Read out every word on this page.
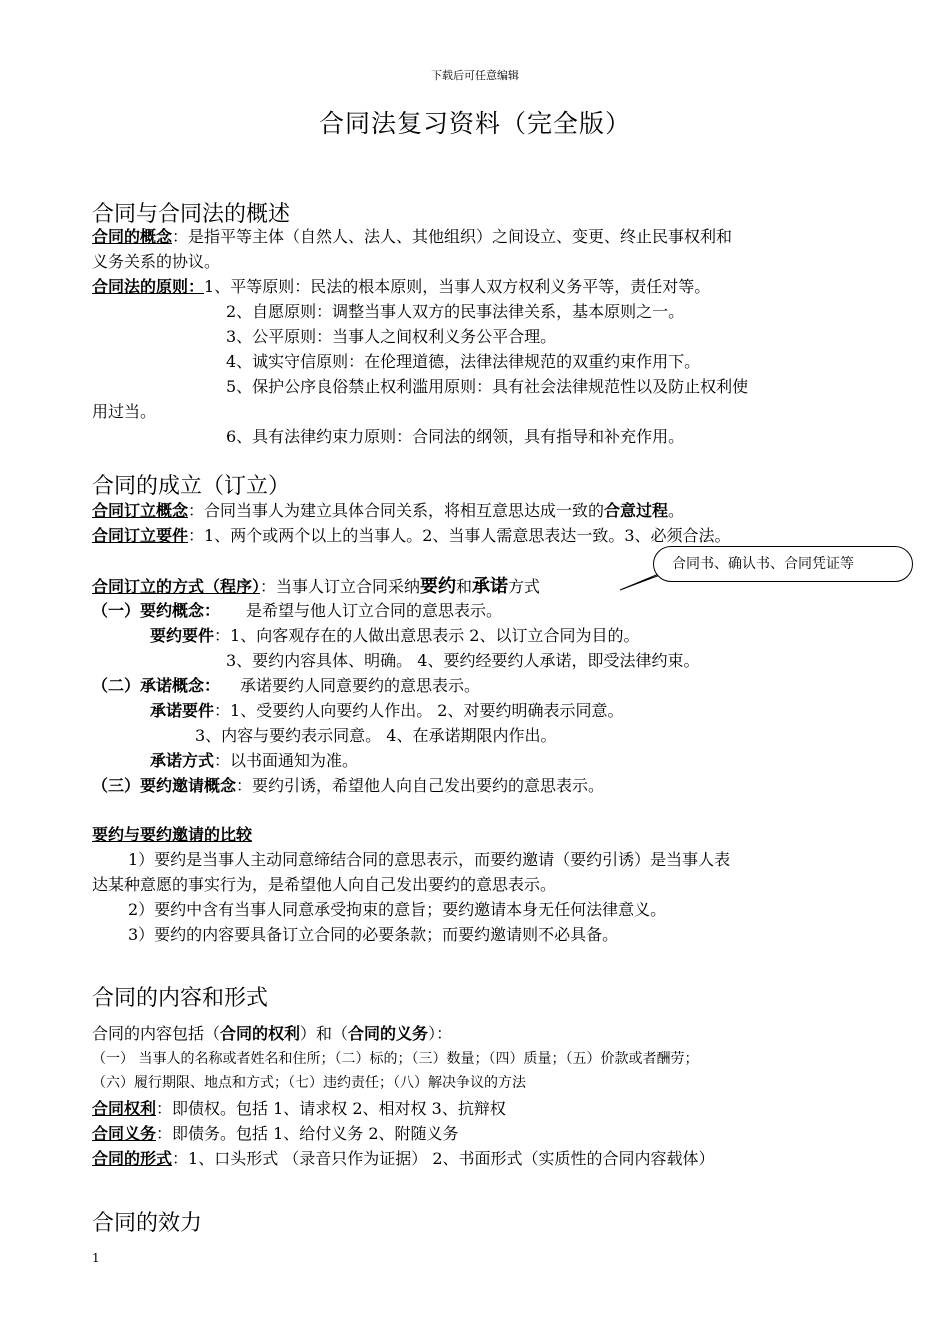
下载后可任意编辑
合同法复习资料（完全版）
合同与合同法的概述
合同的概念：是指平等主体（自然人、法人、其他组织）之间设立、变更、终止民事权利和
义务关系的协议。
合同法的原则：1、平等原则：民法的根本原则，当事人双方权利义务平等，责任对等。
2、自愿原则：调整当事人双方的民事法律关系，基本原则之一。
3、公平原则：当事人之间权利义务公平合理。
4、诚实守信原则：在伦理道德，法律法律规范的双重约束作用下。
5、保护公序良俗禁止权利滥用原则：具有社会法律规范性以及防止权利使
用过当。
6、具有法律约束力原则：合同法的纲领，具有指导和补充作用。
合同的成立（订立）
合同订立概念：合同当事人为建立具体合同关系，将相互意思达成一致的合意过程。
合同订立要件：1、两个或两个以上的当事人。2、当事人需意思表达一致。3、必须合法。
合同订立的方式（程序）：当事人订立合同采纳要约和承诺方式
合同书、确认书、合同凭证等
（一）要约概念： 是希望与他人订立合同的意思表示。
要约要件：1、向客观存在的人做出意思表示 2、以订立合同为目的。
3、要约内容具体、明确。 4、要约经要约人承诺，即受法律约束。
（二）承诺概念： 承诺要约人同意要约的意思表示。
承诺要件：1、受要约人向要约人作出。 2、对要约明确表示同意。
3、内容与要约表示同意。 4、在承诺期限内作出。
承诺方式：以书面通知为准。
（三）要约邀请概念：要约引诱，希望他人向自己发出要约的意思表示。
要约与要约邀请的比较
1）要约是当事人主动同意缔结合同的意思表示，而要约邀请（要约引诱）是当事人表
达某种意愿的事实行为，是希望他人向自己发出要约的意思表示。
2）要约中含有当事人同意承受拘束的意旨；要约邀请本身无任何法律意义。
3）要约的内容要具备订立合同的必要条款；而要约邀请则不必具备。
合同的内容和形式
合同的内容包括（合同的权利）和（合同的义务）：
（一） 当事人的名称或者姓名和住所；（二）标的；（三）数量；（四）质量；（五）价款或者酬劳；
（六）履行期限、地点和方式；（七）违约责任；（八）解决争议的方法
合同权利：即债权。包括 1、请求权 2、相对权 3、抗辩权
合同义务：即债务。包括 1、给付义务 2、附随义务
合同的形式：1、口头形式 （录音只作为证据） 2、书面形式（实质性的合同内容载体）
合同的效力
1
